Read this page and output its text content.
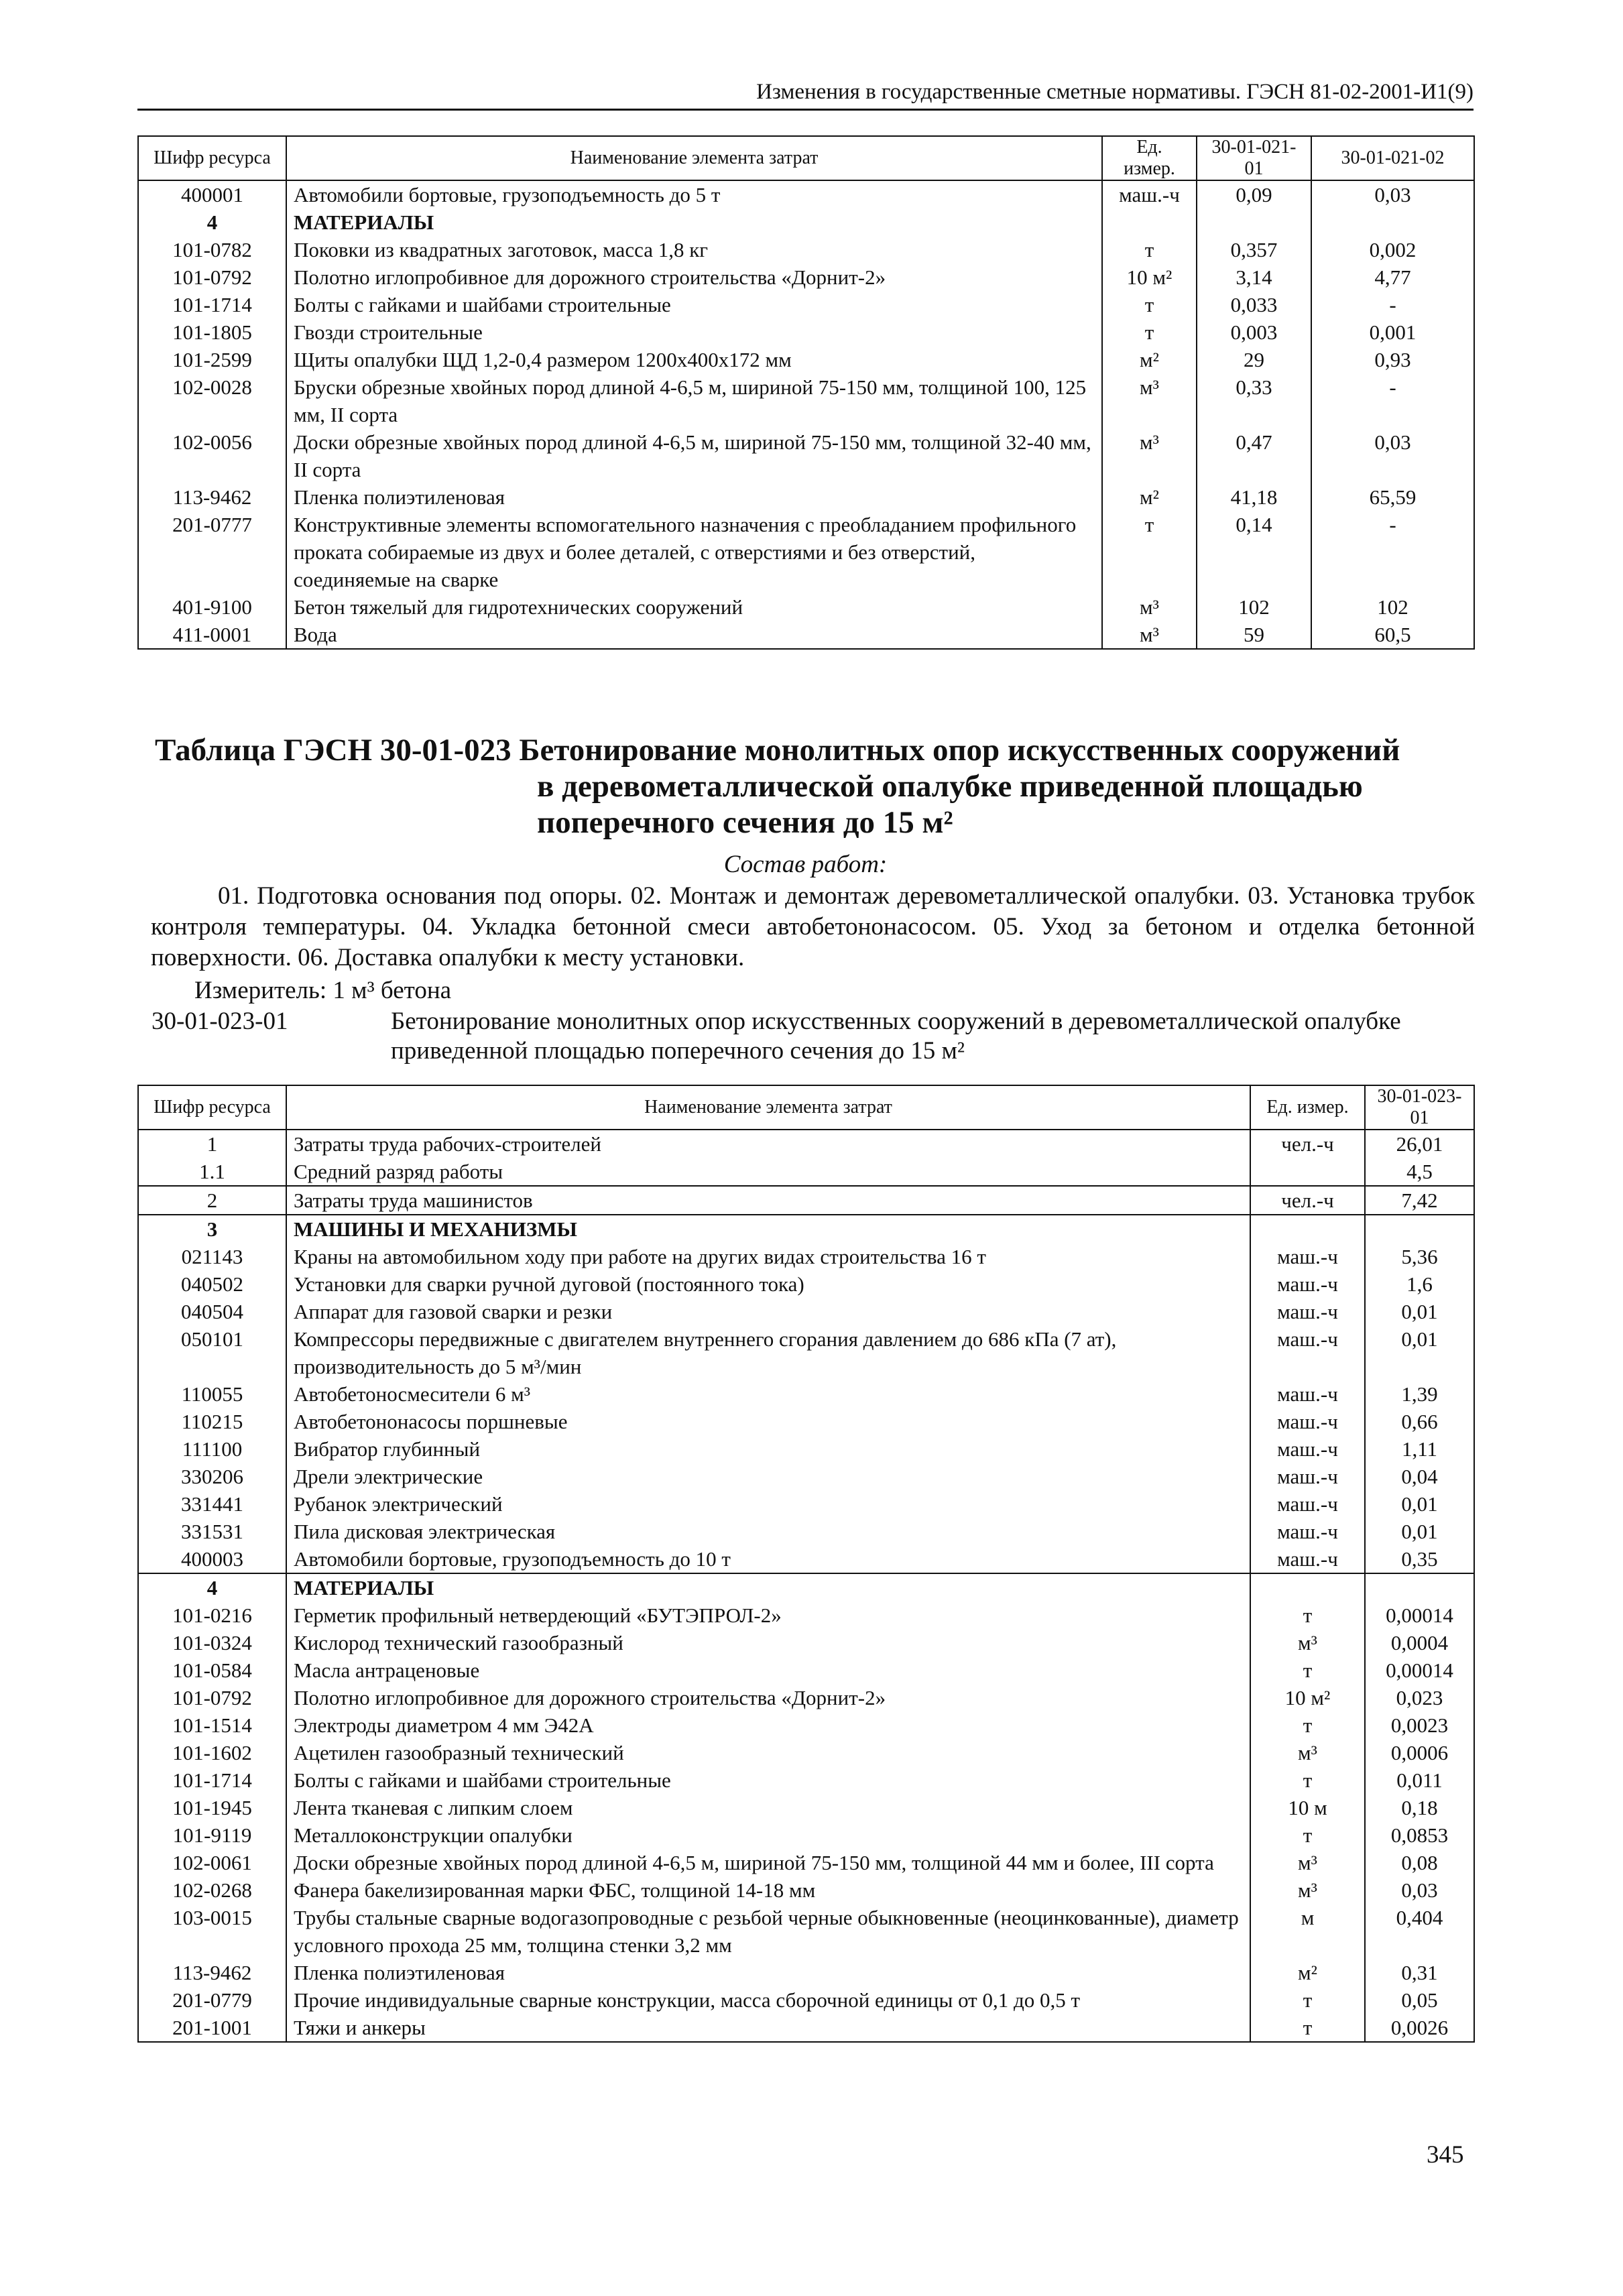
Изменения в государственные сметные нормативы. ГЭСН 81-02-2001-И1(9)
Шифр ресурса	Наименование элемента затрат	Ед. измер.	30-01-021-01	30-01-021-02
400001	Автомобили бортовые, грузоподъемность до 5 т	маш.-ч	0,09	0,03
4	МАТЕРИАЛЫ			
101-0782	Поковки из квадратных заготовок, масса 1,8 кг	т	0,357	0,002
101-0792	Полотно иглопробивное для дорожного строительства «Дорнит-2»	10 м²	3,14	4,77
101-1714	Болты с гайками и шайбами строительные	т	0,033	-
101-1805	Гвозди строительные	т	0,003	0,001
101-2599	Щиты опалубки ЩД 1,2-0,4 размером 1200х400х172 мм	м²	29	0,93
102-0028	Бруски обрезные хвойных пород длиной 4-6,5 м, шириной 75-150 мм, толщиной 100, 125 мм, II сорта	м³	0,33	-
102-0056	Доски обрезные хвойных пород длиной 4-6,5 м, шириной 75-150 мм, толщиной 32-40 мм, II сорта	м³	0,47	0,03
113-9462	Пленка полиэтиленовая	м²	41,18	65,59
201-0777	Конструктивные элементы вспомогательного назначения с преобладанием профильного проката собираемые из двух и более деталей, с отверстиями и без отверстий, соединяемые на сварке	т	0,14	-
401-9100	Бетон тяжелый для гидротехнических сооружений	м³	102	102
411-0001	Вода	м³	59	60,5
Таблица ГЭСН 30-01-023 Бетонирование монолитных опор искусственных сооружений
в деревометаллической опалубке приведенной площадью
поперечного сечения до 15 м²
Состав работ:
01. Подготовка основания под опоры. 02. Монтаж и демонтаж деревометаллической опалубки. 03. Установка трубок контроля температуры. 04. Укладка бетонной смеси автобетононасосом. 05. Уход за бетоном и отделка бетонной поверхности. 06. Доставка опалубки к месту установки.
Измеритель: 1 м³ бетона
30-01-023-01	Бетонирование монолитных опор искусственных сооружений в деревометаллической опалубке приведенной площадью поперечного сечения до 15 м²
Шифр ресурса	Наименование элемента затрат	Ед. измер.	30-01-023-01
1	Затраты труда рабочих-строителей	чел.-ч	26,01
1.1	Средний разряд работы		4,5
2	Затраты труда машинистов	чел.-ч	7,42
3	МАШИНЫ И МЕХАНИЗМЫ		
021143	Краны на автомобильном ходу при работе на других видах строительства 16 т	маш.-ч	5,36
040502	Установки для сварки ручной дуговой (постоянного тока)	маш.-ч	1,6
040504	Аппарат для газовой сварки и резки	маш.-ч	0,01
050101	Компрессоры передвижные с двигателем внутреннего сгорания давлением до 686 кПа (7 ат), производительность до 5 м³/мин	маш.-ч	0,01
110055	Автобетоносмесители 6 м³	маш.-ч	1,39
110215	Автобетононасосы поршневые	маш.-ч	0,66
111100	Вибратор глубинный	маш.-ч	1,11
330206	Дрели электрические	маш.-ч	0,04
331441	Рубанок электрический	маш.-ч	0,01
331531	Пила дисковая электрическая	маш.-ч	0,01
400003	Автомобили бортовые, грузоподъемность до 10 т	маш.-ч	0,35
4	МАТЕРИАЛЫ		
101-0216	Герметик профильный нетвердеющий «БУТЭПРОЛ-2»	т	0,00014
101-0324	Кислород технический газообразный	м³	0,0004
101-0584	Масла антраценовые	т	0,00014
101-0792	Полотно иглопробивное для дорожного строительства «Дорнит-2»	10 м²	0,023
101-1514	Электроды диаметром 4 мм Э42А	т	0,0023
101-1602	Ацетилен газообразный технический	м³	0,0006
101-1714	Болты с гайками и шайбами строительные	т	0,011
101-1945	Лента тканевая с липким слоем	10 м	0,18
101-9119	Металлоконструкции опалубки	т	0,0853
102-0061	Доски обрезные хвойных пород длиной 4-6,5 м, шириной 75-150 мм, толщиной 44 мм и более, III сорта	м³	0,08
102-0268	Фанера бакелизированная марки ФБС, толщиной 14-18 мм	м³	0,03
103-0015	Трубы стальные сварные водогазопроводные с резьбой черные обыкновенные (неоцинкованные), диаметр условного прохода 25 мм, толщина стенки 3,2 мм	м	0,404
113-9462	Пленка полиэтиленовая	м²	0,31
201-0779	Прочие индивидуальные сварные конструкции, масса сборочной единицы от 0,1 до 0,5 т	т	0,05
201-1001	Тяжи и анкеры	т	0,0026
345
